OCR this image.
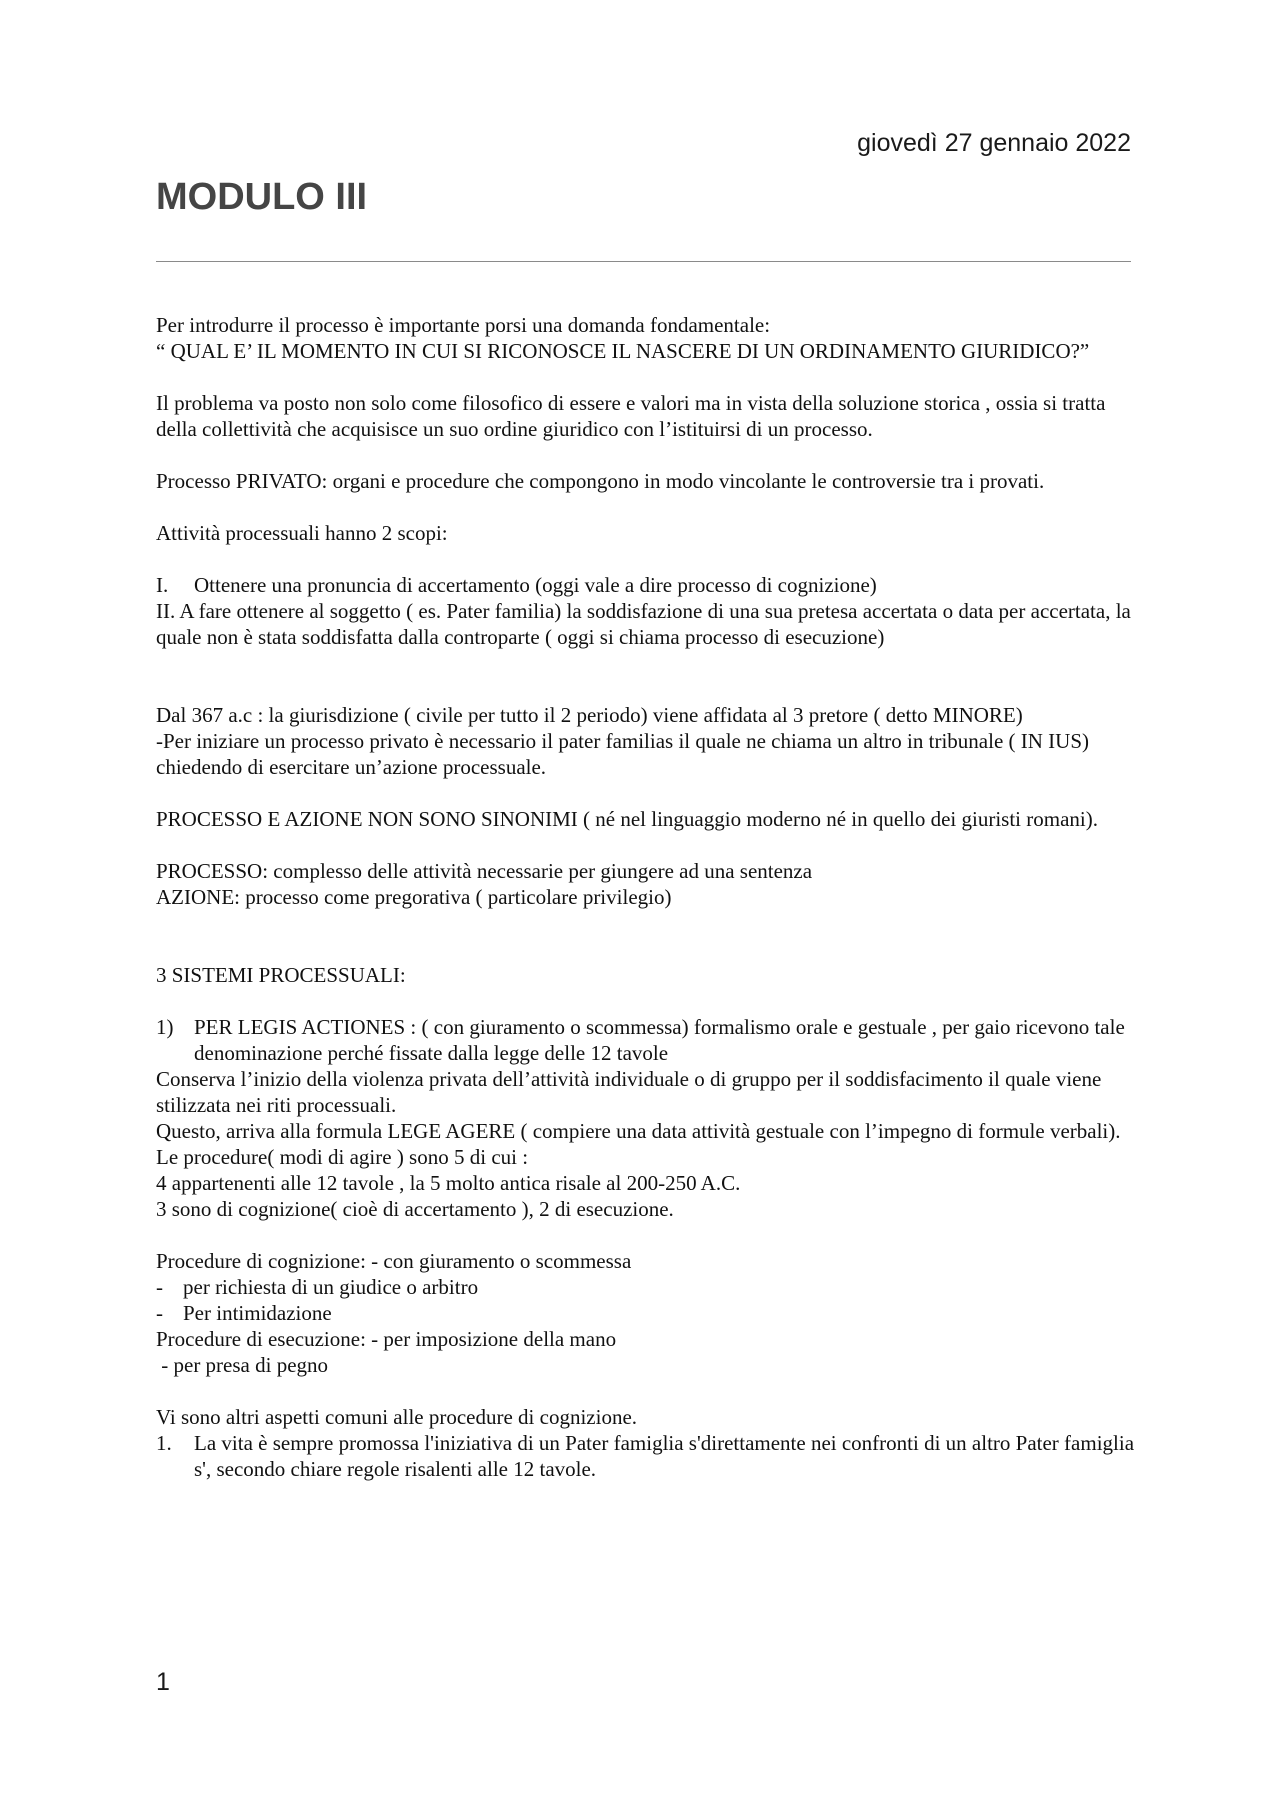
giovedì 27 gennaio 2022
MODULO III

Per introdurre il processo è importante porsi una domanda fondamentale:

“ QUAL E’ IL MOMENTO IN CUI SI RICONOSCE IL NASCERE DI UN ORDINAMENTO GIURIDICO?”

Il problema va posto non solo come filosofico di essere e valori ma in vista della soluzione storica , ossia si tratta della collettività che acquisisce un suo ordine giuridico con l’istituirsi di un processo.

Processo PRIVATO: organi e procedure che compongono in modo vincolante le controversie tra i provati.

Attività processuali hanno 2 scopi:

I. Ottenere una pronuncia di accertamento (oggi vale a dire processo di cognizione)

II. A fare ottenere al soggetto ( es. Pater familia) la soddisfazione di una sua pretesa accertata o data per accertata, la quale non è stata soddisfatta dalla controparte ( oggi si chiama processo di esecuzione)

Dal 367 a.c : la giurisdizione ( civile per tutto il 2 periodo) viene affidata al 3 pretore ( detto MINORE)

-Per iniziare un processo privato è necessario il pater familias il quale ne chiama un altro in tribunale ( IN IUS) chiedendo di esercitare un’azione processuale.

PROCESSO E AZIONE NON SONO SINONIMI ( né nel linguaggio moderno né in quello dei giuristi romani).

PROCESSO: complesso delle attività necessarie per giungere ad una sentenza

AZIONE: processo come pregorativa ( particolare privilegio)

3 SISTEMI PROCESSUALI:

1) PER LEGIS ACTIONES : ( con giuramento o scommessa) formalismo orale e gestuale , per gaio ricevono tale denominazione perché fissate dalla legge delle 12 tavole

Conserva l’inizio della violenza privata dell’attività individuale o di gruppo per il soddisfacimento il quale viene stilizzata nei riti processuali.

Questo, arriva alla formula LEGE AGERE ( compiere una data attività gestuale con l’impegno di formule verbali).

Le procedure( modi di agire ) sono 5 di cui :

4 appartenenti alle 12 tavole , la 5 molto antica risale al 200-250 A.C.

3 sono di cognizione( cioè di accertamento ), 2 di esecuzione.

Procedure di cognizione: - con giuramento o scommessa

- per richiesta di un giudice o arbitro
- Per intimidazione

Procedure di esecuzione: - per imposizione della mano

- per presa di pegno

Vi sono altri aspetti comuni alle procedure di cognizione.

1. La vita è sempre promossa l'iniziativa di un Pater famiglia s'direttamente nei confronti di un altro Pater famiglia s', secondo chiare regole risalenti alle 12 tavole.
1
